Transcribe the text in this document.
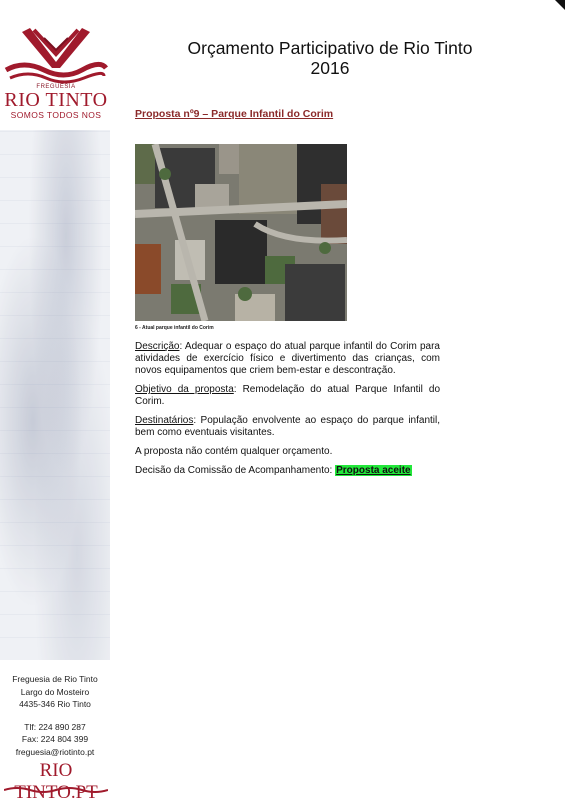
FREGUESIA
RIO TINTO
SOMOS TODOS NOS
Freguesia de Rio Tinto
Largo do Mosteiro
4435-346 Rio Tinto
Tlf: 224 890 287
Fax: 224 804 399
freguesia@riotinto.pt
RIO TINTO.PT
Orçamento Participativo de Rio Tinto
2016
Proposta nº9 – Parque Infantil do Corim
6 - Atual parque infantil do Corim

Descrição: Adequar o espaço do atual parque infantil do Corim para atividades de exercício físico e divertimento das crianças, com novos equipamentos que criem bem-estar e descontração.

Objetivo da proposta: Remodelação do atual Parque Infantil do Corim.

Destinatários: População envolvente ao espaço do parque infantil, bem como eventuais visitantes.

A proposta não contém qualquer orçamento.

Decisão da Comissão de Acompanhamento: Proposta aceite
